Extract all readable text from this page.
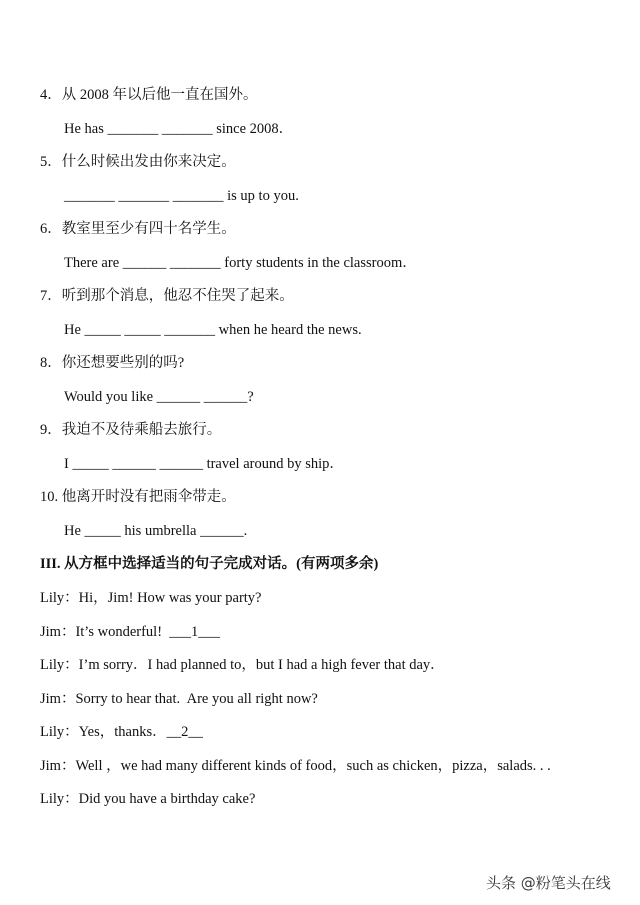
4．从 2008 年以后他一直在国外。
He has _______ _______ since 2008．
5．什么时候出发由你来决定。
_______ _______ _______ is up to you.
6．教室里至少有四十名学生。
There are ______ _______ forty students in the classroom．
7．听到那个消息，他忍不住哭了起来。
He _____ _____ _______ when he heard the news.
8．你还想要些别的吗?
Would you like ______ ______?
9．我迫不及待乘船去旅行。
I _____ ______ ______ travel around by ship．
10. 他离开时没有把雨伞带走。
He _____ his umbrella ______.
III. 从方框中选择适当的句子完成对话。(有两项多余)
Lily：Hi，Jim! How was your party?
Jim：It’s wonderful!  ___1___
Lily：I’m sorry．I had planned to，but I had a high fever that day．
Jim：Sorry to hear that.  Are you all right now?
Lily：Yes，thanks．__2__
Jim：Well ，we had many different kinds of food，such as chicken，pizza，salads. . .
Lily：Did you have a birthday cake?
头条 @粉笔头在线
